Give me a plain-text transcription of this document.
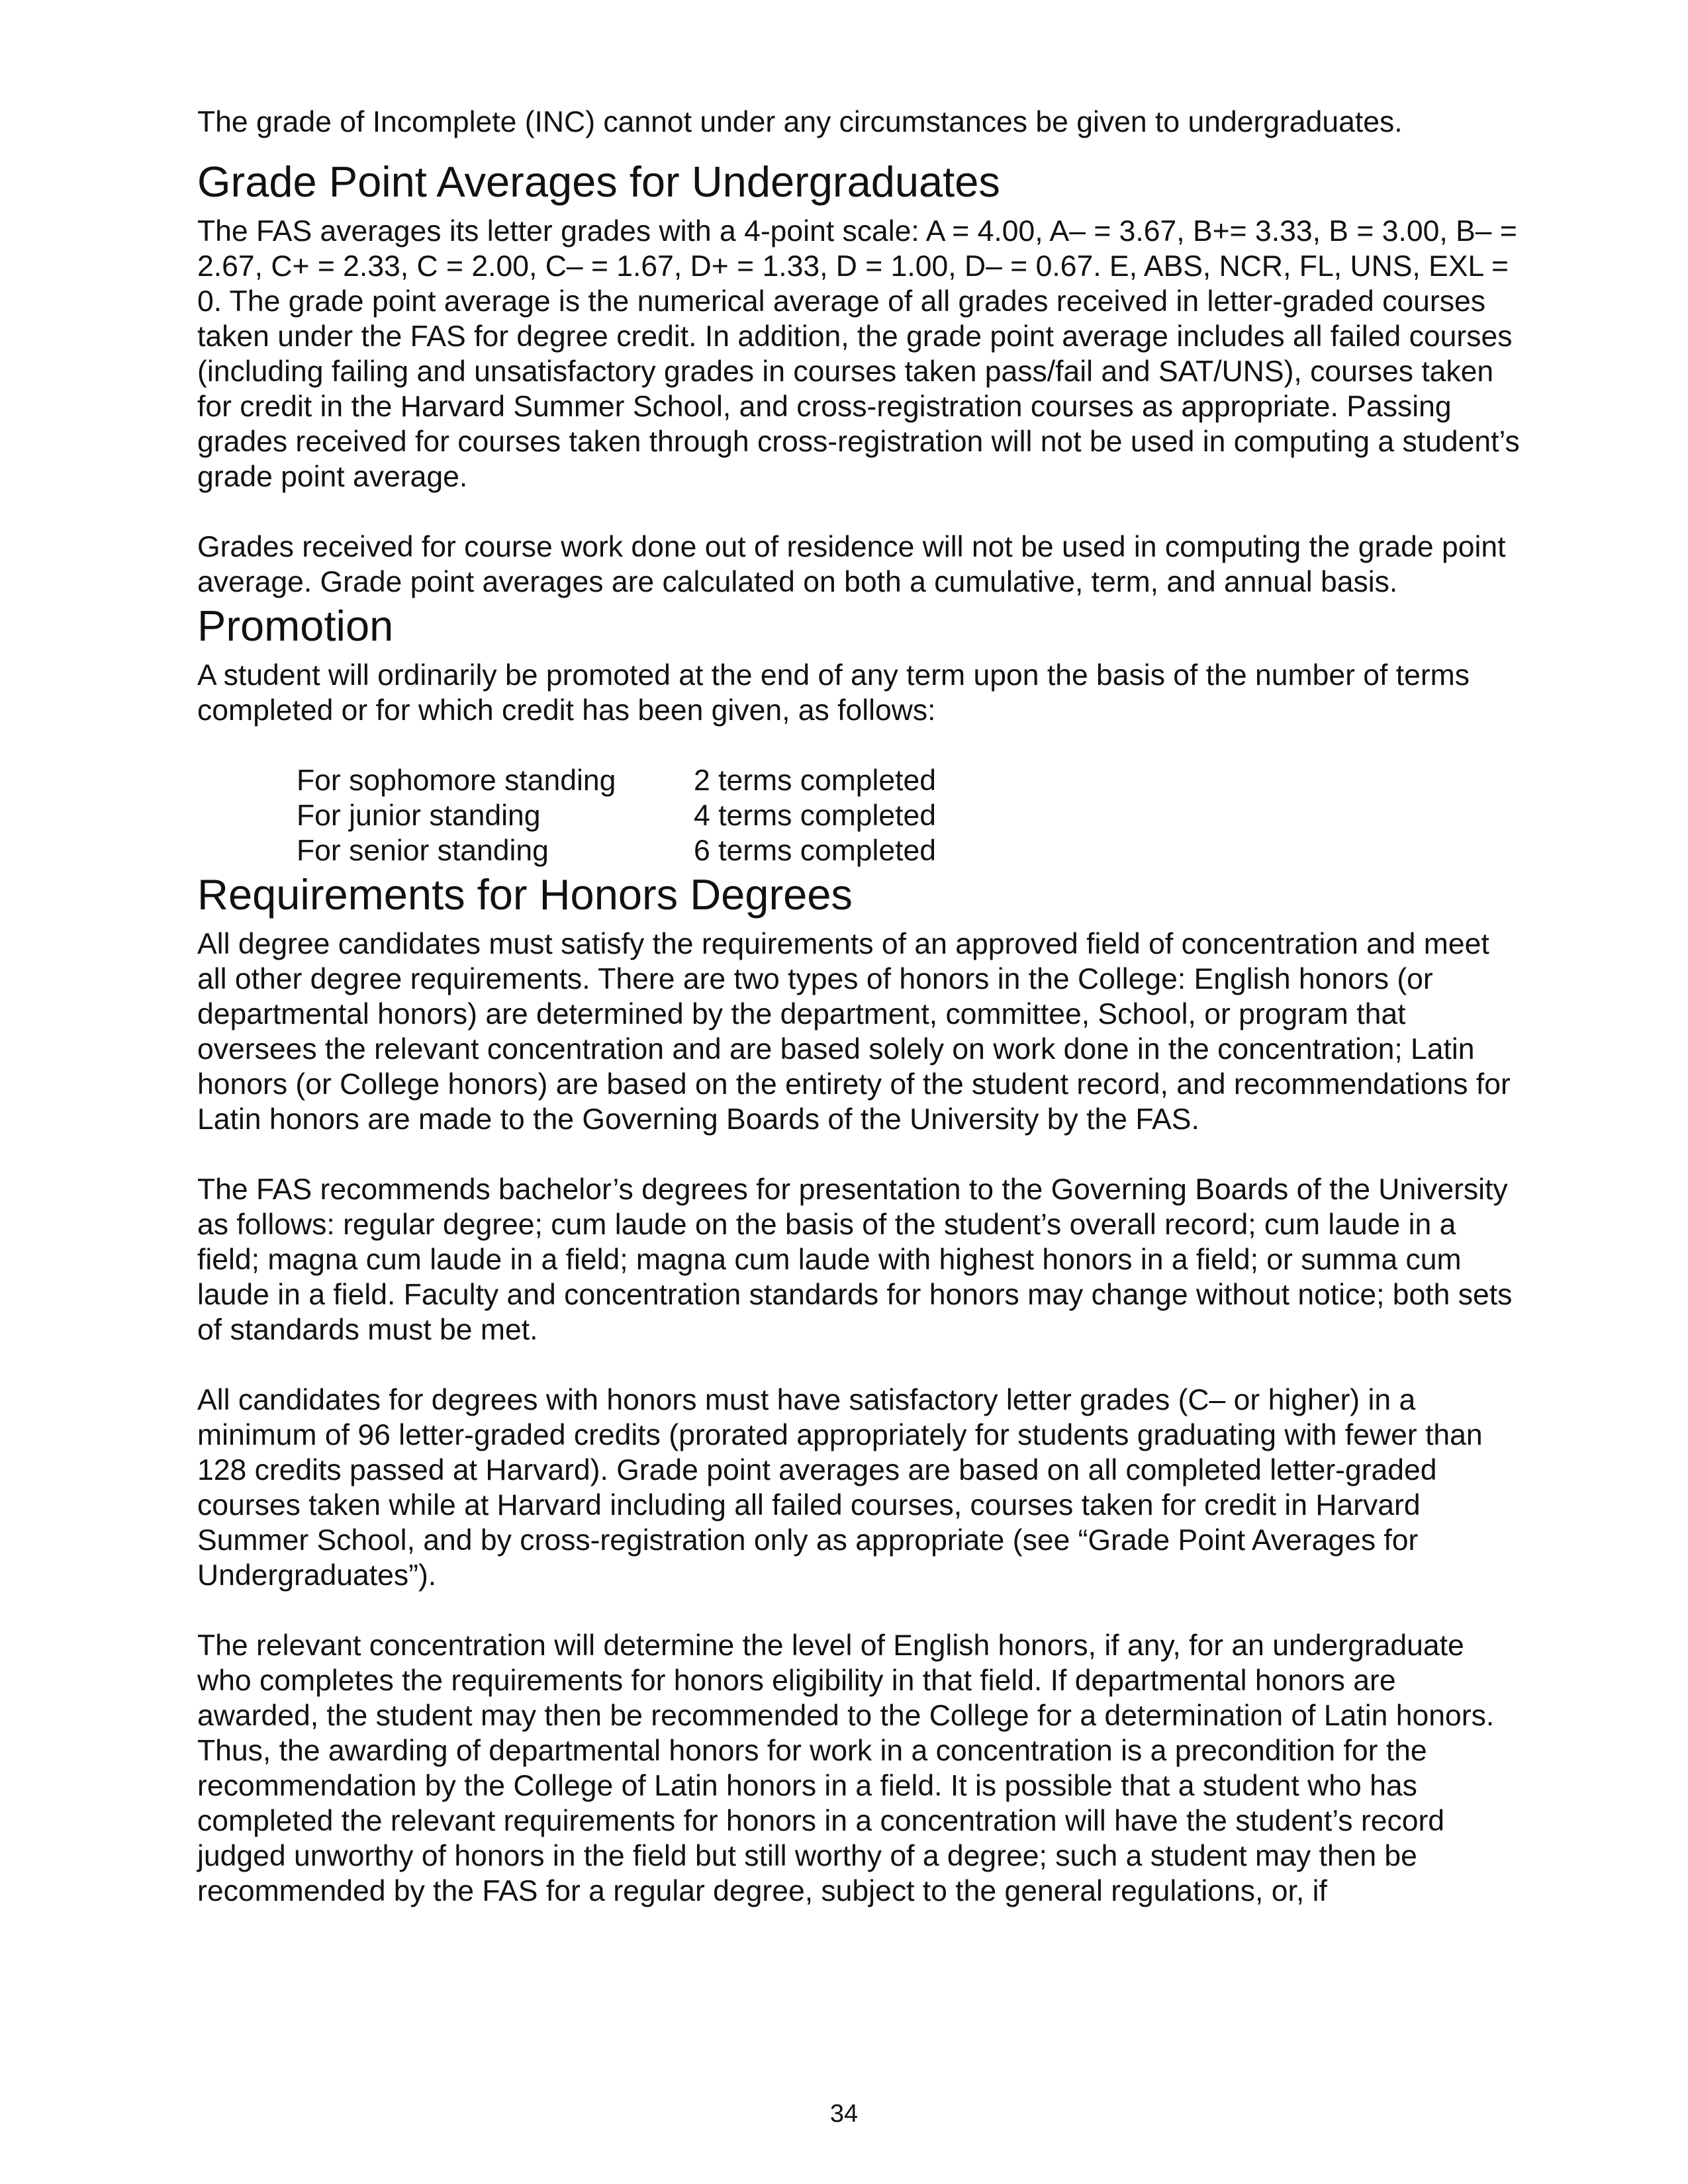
The grade of Incomplete (INC) cannot under any circumstances be given to undergraduates.

Grade Point Averages for Undergraduates

The FAS averages its letter grades with a 4-point scale: A = 4.00, A– = 3.67, B+= 3.33, B = 3.00, B– = 2.67, C+ = 2.33, C = 2.00, C– = 1.67, D+ = 1.33, D = 1.00, D– = 0.67. E, ABS, NCR, FL, UNS, EXL = 0. The grade point average is the numerical average of all grades received in letter-graded courses taken under the FAS for degree credit. In addition, the grade point average includes all failed courses (including failing and unsatisfactory grades in courses taken pass/fail and SAT/UNS), courses taken for credit in the Harvard Summer School, and cross-registration courses as appropriate. Passing grades received for courses taken through cross-registration will not be used in computing a student’s grade point average.

Grades received for course work done out of residence will not be used in computing the grade point average. Grade point averages are calculated on both a cumulative, term, and annual basis.

Promotion

A student will ordinarily be promoted at the end of any term upon the basis of the number of terms completed or for which credit has been given, as follows:

For sophomore standing	2 terms completed
For junior standing	4 terms completed
For senior standing	6 terms completed
Requirements for Honors Degrees

All degree candidates must satisfy the requirements of an approved field of concentration and meet all other degree requirements. There are two types of honors in the College: English honors (or departmental honors) are determined by the department, committee, School, or program that oversees the relevant concentration and are based solely on work done in the concentration; Latin honors (or College honors) are based on the entirety of the student record, and recommendations for Latin honors are made to the Governing Boards of the University by the FAS.

The FAS recommends bachelor’s degrees for presentation to the Governing Boards of the University as follows: regular degree; cum laude on the basis of the student’s overall record; cum laude in a field; magna cum laude in a field; magna cum laude with highest honors in a field; or summa cum laude in a field. Faculty and concentration standards for honors may change without notice; both sets of standards must be met.

All candidates for degrees with honors must have satisfactory letter grades (C– or higher) in a minimum of 96 letter-graded credits (prorated appropriately for students graduating with fewer than 128 credits passed at Harvard). Grade point averages are based on all completed letter-graded courses taken while at Harvard including all failed courses, courses taken for credit in Harvard Summer School, and by cross-registration only as appropriate (see “Grade Point Averages for Undergraduates”).

The relevant concentration will determine the level of English honors, if any, for an undergraduate who completes the requirements for honors eligibility in that field. If departmental honors are awarded, the student may then be recommended to the College for a determination of Latin honors. Thus, the awarding of departmental honors for work in a concentration is a precondition for the recommendation by the College of Latin honors in a field. It is possible that a student who has completed the relevant requirements for honors in a concentration will have the student’s record judged unworthy of honors in the field but still worthy of a degree; such a student may then be recommended by the FAS for a regular degree, subject to the general regulations, or, if

34
